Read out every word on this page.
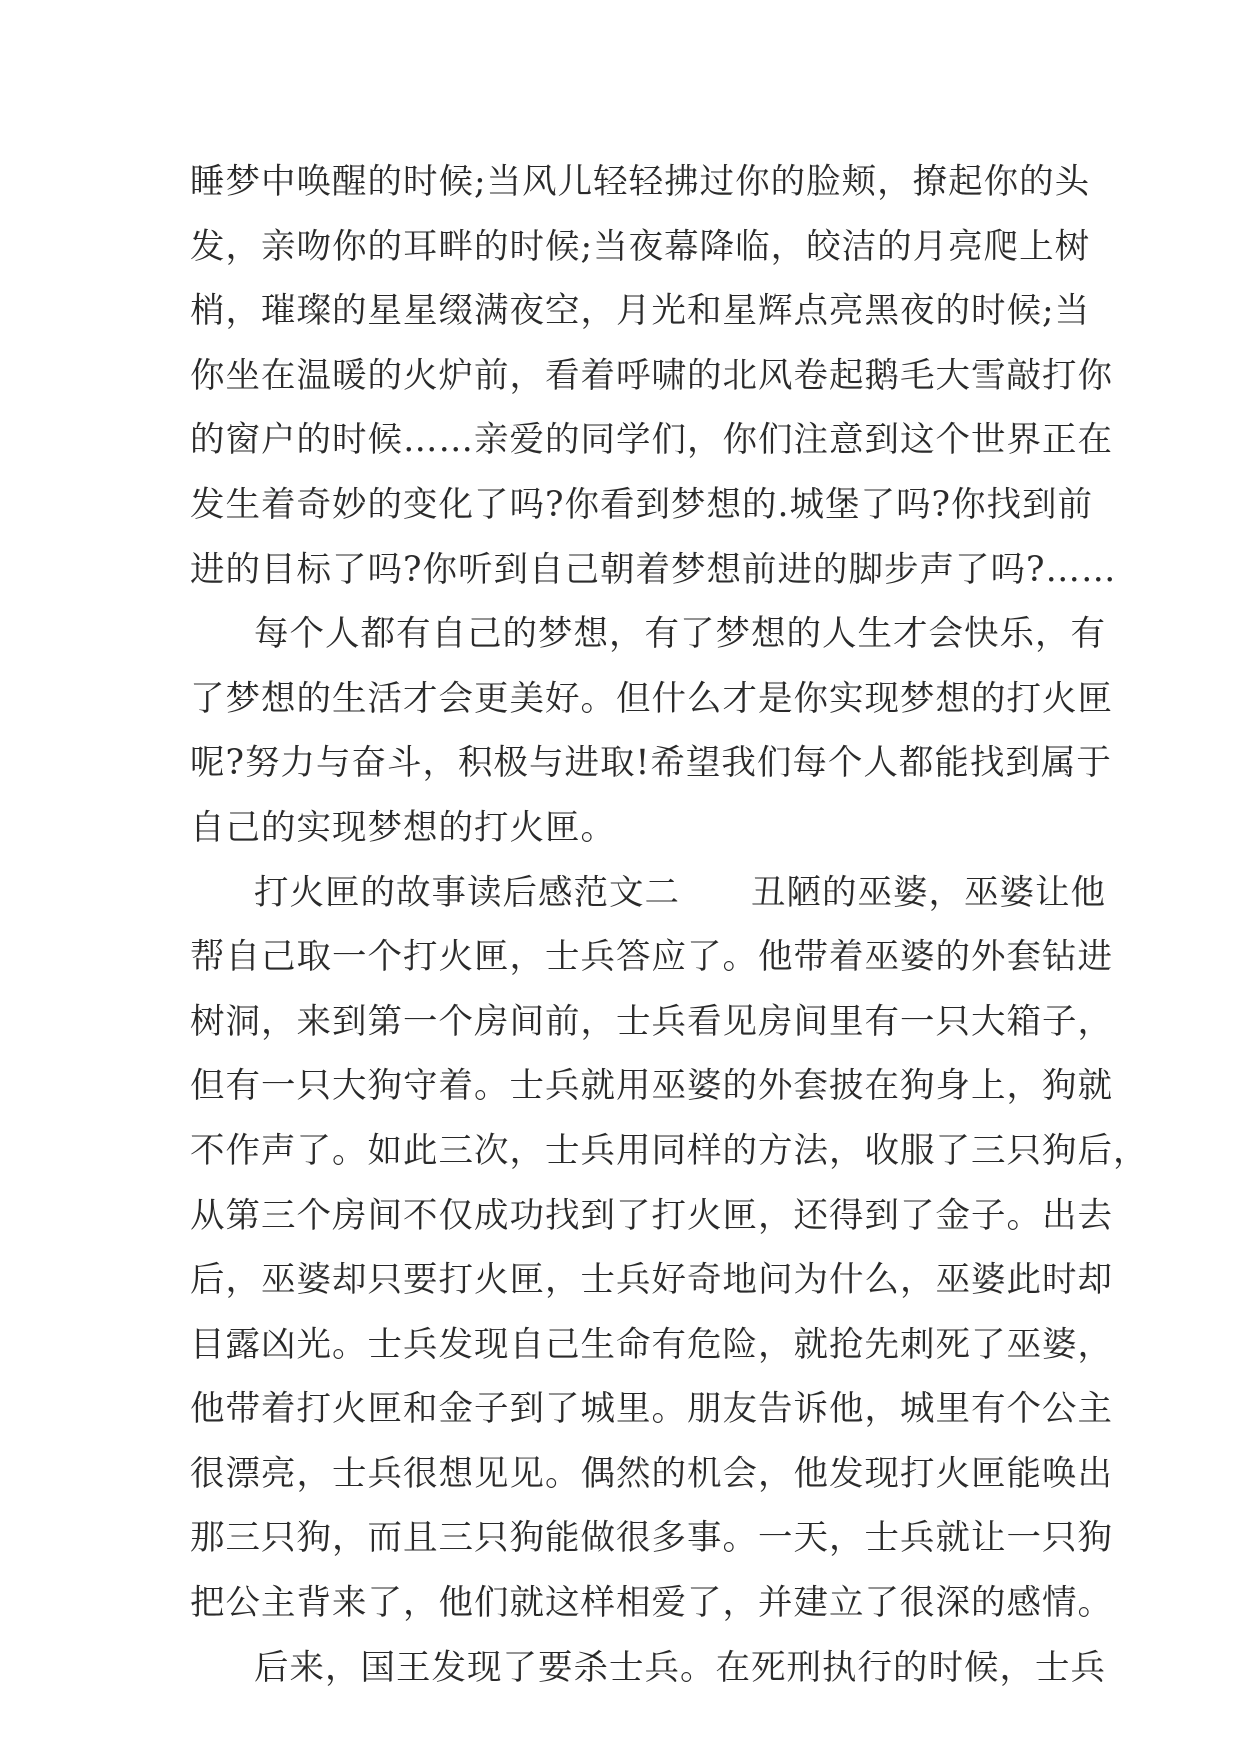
睡梦中唤醒的时候;当风儿轻轻拂过你的脸颊，撩起你的头
发，亲吻你的耳畔的时候;当夜幕降临，皎洁的月亮爬上树
梢，璀璨的星星缀满夜空，月光和星辉点亮黑夜的时候;当
你坐在温暖的火炉前，看着呼啸的北风卷起鹅毛大雪敲打你
的窗户的时候……亲爱的同学们，你们注意到这个世界正在
发生着奇妙的变化了吗?你看到梦想的.城堡了吗?你找到前
进的目标了吗?你听到自己朝着梦想前进的脚步声了吗?……
每个人都有自己的梦想，有了梦想的人生才会快乐，有
了梦想的生活才会更美好。但什么才是你实现梦想的打火匣
呢?努力与奋斗，积极与进取!希望我们每个人都能找到属于
自己的实现梦想的打火匣。
打火匣的故事读后感范文二　　丑陋的巫婆，巫婆让他
帮自己取一个打火匣，士兵答应了。他带着巫婆的外套钻进
树洞，来到第一个房间前，士兵看见房间里有一只大箱子，
但有一只大狗守着。士兵就用巫婆的外套披在狗身上，狗就
不作声了。如此三次，士兵用同样的方法，收服了三只狗后，
从第三个房间不仅成功找到了打火匣，还得到了金子。出去
后，巫婆却只要打火匣，士兵好奇地问为什么，巫婆此时却
目露凶光。士兵发现自己生命有危险，就抢先刺死了巫婆，
他带着打火匣和金子到了城里。朋友告诉他，城里有个公主
很漂亮，士兵很想见见。偶然的机会，他发现打火匣能唤出
那三只狗，而且三只狗能做很多事。一天，士兵就让一只狗
把公主背来了，他们就这样相爱了，并建立了很深的感情。
后来，国王发现了要杀士兵。在死刑执行的时候，士兵
